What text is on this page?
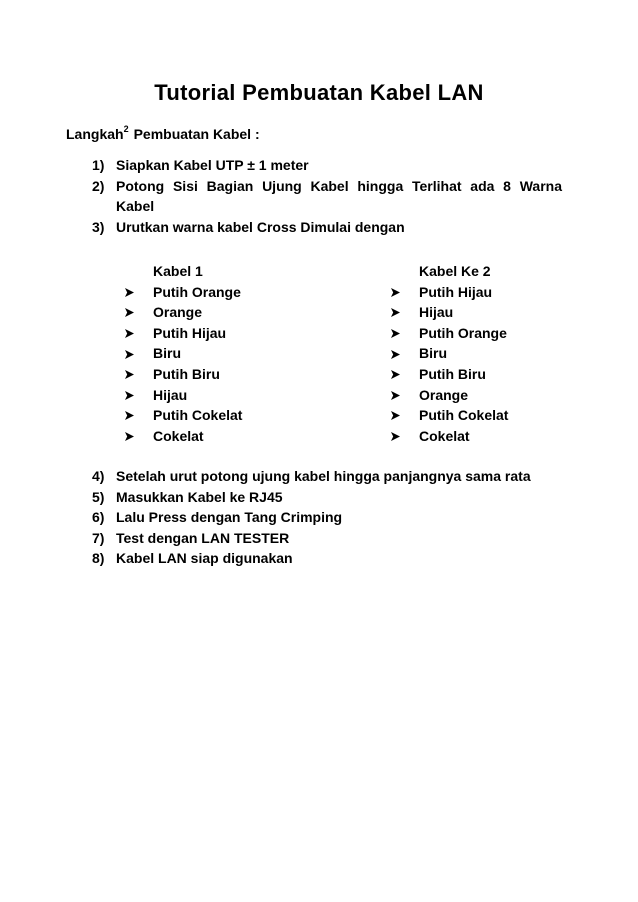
Tutorial Pembuatan Kabel LAN
Langkah$^2$ Pembuatan Kabel :
1) Siapkan Kabel UTP ± 1 meter
2) Potong Sisi Bagian Ujung Kabel hingga Terlihat ada 8 Warna Kabel
3) Urutkan warna kabel Cross Dimulai dengan
Kabel 1
Putih Orange
Orange
Putih Hijau
Biru
Putih Biru
Hijau
Putih Cokelat
Cokelat
Kabel Ke 2
Putih Hijau
Hijau
Putih Orange
Biru
Putih Biru
Orange
Putih Cokelat
Cokelat
4) Setelah urut potong ujung kabel hingga panjangnya sama rata
5) Masukkan Kabel ke RJ45
6) Lalu Press dengan Tang Crimping
7) Test dengan LAN TESTER
8) Kabel LAN siap digunakan
